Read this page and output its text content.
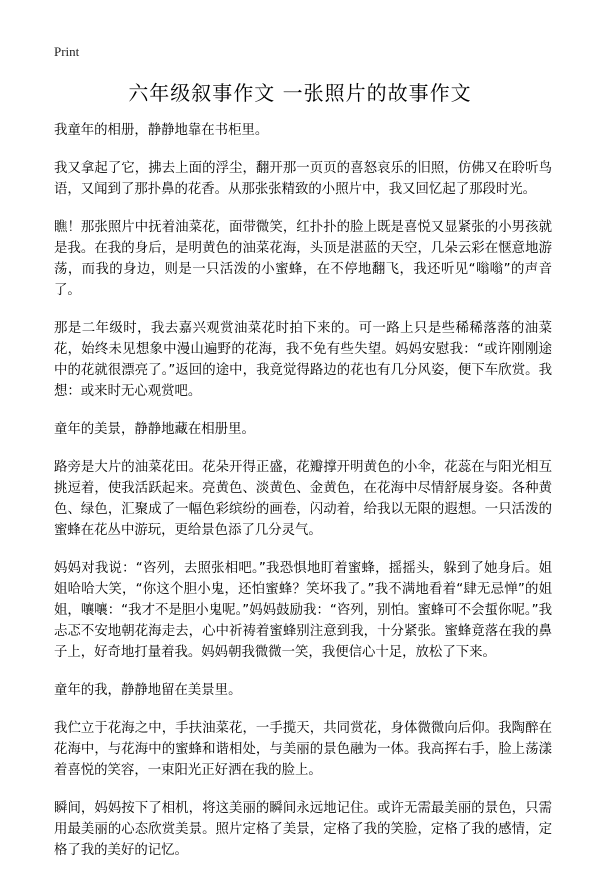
Print
六年级叙事作文 一张照片的故事作文

我童年的相册，静静地靠在书柜里。

我又拿起了它，拂去上面的浮尘，翻开那一页页的喜怒哀乐的旧照，仿佛又在聆听鸟语，又闻到了那扑鼻的花香。从那张张精致的小照片中，我又回忆起了那段时光。

瞧！那张照片中抚着油菜花，面带微笑，红扑扑的脸上既是喜悦又显紧张的小男孩就是我。在我的身后，是明黄色的油菜花海，头顶是湛蓝的天空，几朵云彩在惬意地游荡，而我的身边，则是一只活泼的小蜜蜂，在不停地翻飞，我还听见“嗡嗡”的声音了。

那是二年级时，我去嘉兴观赏油菜花时拍下来的。可一路上只是些稀稀落落的油菜花，始终未见想象中漫山遍野的花海，我不免有些失望。妈妈安慰我：“或许刚刚途中的花就很漂亮了。”返回的途中，我竟觉得路边的花也有几分风姿，便下车欣赏。我想：或来时无心观赏吧。

童年的美景，静静地藏在相册里。

路旁是大片的油菜花田。花朵开得正盛，花瓣撑开明黄色的小伞，花蕊在与阳光相互挑逗着，使我活跃起来。亮黄色、淡黄色、金黄色，在花海中尽情舒展身姿。各种黄色、绿色，汇聚成了一幅色彩缤纷的画卷，闪动着，给我以无限的遐想。一只活泼的蜜蜂在花丛中游玩，更给景色添了几分灵气。

妈妈对我说：“咨列，去照张相吧。”我恐惧地盯着蜜蜂，摇摇头，躲到了她身后。姐姐哈哈大笑，“你这个胆小鬼，还怕蜜蜂？笑坏我了。”我不满地看着“肆无忌惮”的姐姐，嚷嚷：“我才不是胆小鬼呢。”妈妈鼓励我：“咨列，别怕。蜜蜂可不会蜇你呢。”我忐忑不安地朝花海走去，心中祈祷着蜜蜂别注意到我，十分紧张。蜜蜂竟落在我的鼻子上，好奇地打量着我。妈妈朝我微微一笑，我便信心十足，放松了下来。

童年的我，静静地留在美景里。

我伫立于花海之中，手扶油菜花，一手揽天，共同赏花，身体微微向后仰。我陶醉在花海中，与花海中的蜜蜂和谐相处，与美丽的景色融为一体。我高挥右手，脸上荡漾着喜悦的笑容，一束阳光正好洒在我的脸上。

瞬间，妈妈按下了相机，将这美丽的瞬间永远地记住。或许无需最美丽的景色，只需用最美丽的心态欣赏美景。照片定格了美景，定格了我的笑脸，定格了我的感情，定格了我的美好的记忆。
